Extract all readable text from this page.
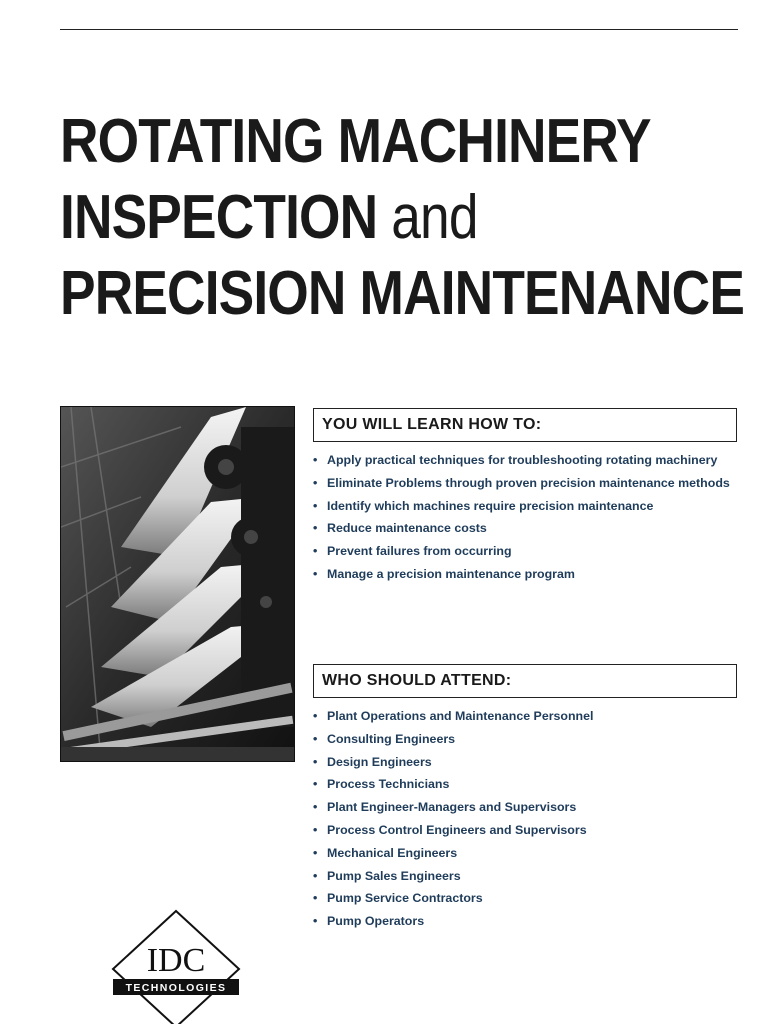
ROTATING MACHINERY
INSPECTION and
PRECISION MAINTENANCE
YOU WILL LEARN HOW TO:
• Apply practical techniques for troubleshooting rotating machinery
• Eliminate Problems through proven precision maintenance methods
• Identify which machines require precision maintenance
• Reduce maintenance costs
• Prevent failures from occurring
• Manage a precision maintenance program
WHO SHOULD ATTEND:
• Plant Operations and Maintenance Personnel
• Consulting Engineers
• Design Engineers
• Process Technicians
• Plant Engineer-Managers and Supervisors
• Process Control Engineers and Supervisors
• Mechanical Engineers
• Pump Sales Engineers
• Pump Service Contractors
• Pump Operators
IDC
TECHNOLOGIES
